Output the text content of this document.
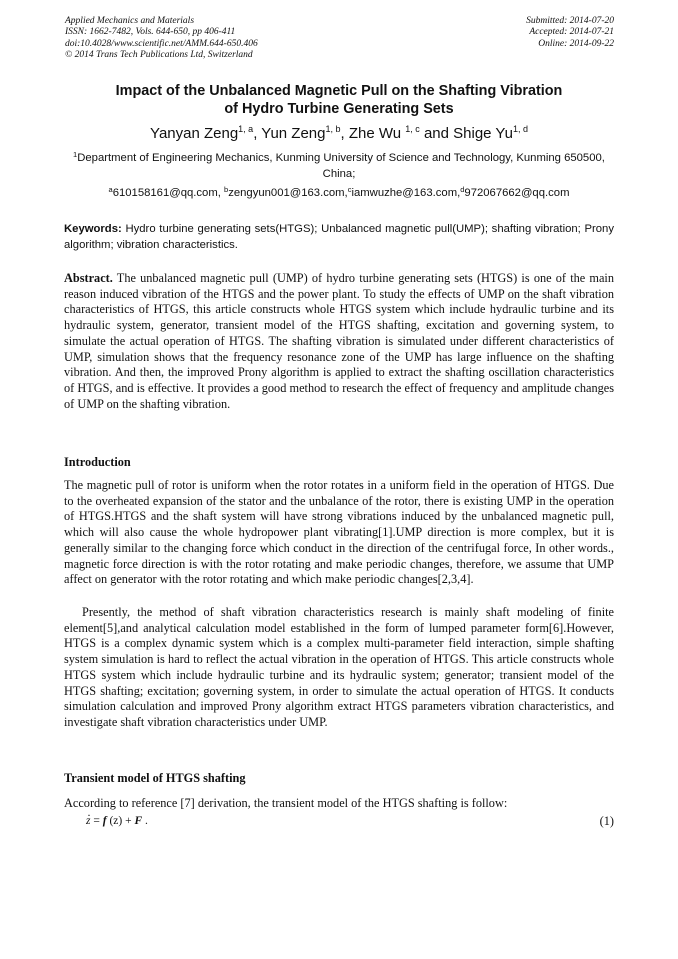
Applied Mechanics and Materials
ISSN: 1662-7482, Vols. 644-650, pp 406-411
doi:10.4028/www.scientific.net/AMM.644-650.406
© 2014 Trans Tech Publications Ltd, Switzerland
Submitted: 2014-07-20
Accepted: 2014-07-21
Online: 2014-09-22
Impact of the Unbalanced Magnetic Pull on the Shafting Vibration
of Hydro Turbine Generating Sets
Yanyan Zeng$^{1, a}$, Yun Zeng$^{1, b}$, Zhe Wu $^{1, c}$ and Shige Yu$^{1, d}$
$^1$Department of Engineering Mechanics, Kunming University of Science and Technology, Kunming 650500, China;
$^a$610158161@qq.com, $^b$zengyun001@163.com,$^c$iamwuzhe@163.com,$^d$972067662@qq.com
Keywords: Hydro turbine generating sets(HTGS); Unbalanced magnetic pull(UMP); shafting vibration; Prony algorithm; vibration characteristics.
Abstract. The unbalanced magnetic pull (UMP) of hydro turbine generating sets (HTGS) is one of the main reason induced vibration of the HTGS and the power plant. To study the effects of UMP on the shaft vibration characteristics of HTGS, this article constructs whole HTGS system which include hydraulic turbine and its hydraulic system, generator, transient model of the HTGS shafting, excitation and governing system, to simulate the actual operation of HTGS. The shafting vibration is simulated under different characteristics of UMP, simulation shows that the frequency resonance zone of the UMP has large influence on the shafting vibration. And then, the improved Prony algorithm is applied to extract the shafting oscillation characteristics of HTGS, and is effective. It provides a good method to research the effect of frequency and amplitude changes of UMP on the shafting vibration.
Introduction
The magnetic pull of rotor is uniform when the rotor rotates in a uniform field in the operation of HTGS. Due to the overheated expansion of the stator and the unbalance of the rotor, there is existing UMP in the operation of HTGS.HTGS and the shaft system will have strong vibrations induced by the unbalanced magnetic pull, which will also cause the whole hydropower plant vibrating[1].UMP direction is more complex, but it is generally similar to the changing force which conduct in the direction of the centrifugal force, In other words., magnetic force direction is with the rotor rotating and make periodic changes, therefore, we assume that UMP affect on generator with the rotor rotating and which make periodic changes[2,3,4].
Presently, the method of shaft vibration characteristics research is mainly shaft modeling of finite element[5],and analytical calculation model established in the form of lumped parameter form[6].However, HTGS is a complex dynamic system which is a complex multi-parameter field interaction, simple shafting system simulation is hard to reflect the actual vibration in the operation of HTGS. This article constructs whole HTGS system which include hydraulic turbine and its hydraulic system; generator; transient model of the HTGS shafting; excitation; governing system, in order to simulate the actual operation of HTGS. It conducts simulation calculation and improved Prony algorithm extract HTGS parameters vibration characteristics, and investigate shaft vibration characteristics under UMP.
Transient model of HTGS shafting
According to reference [7] derivation, the transient model of the HTGS shafting is follow:
z · = f (z) + F .	(1)
